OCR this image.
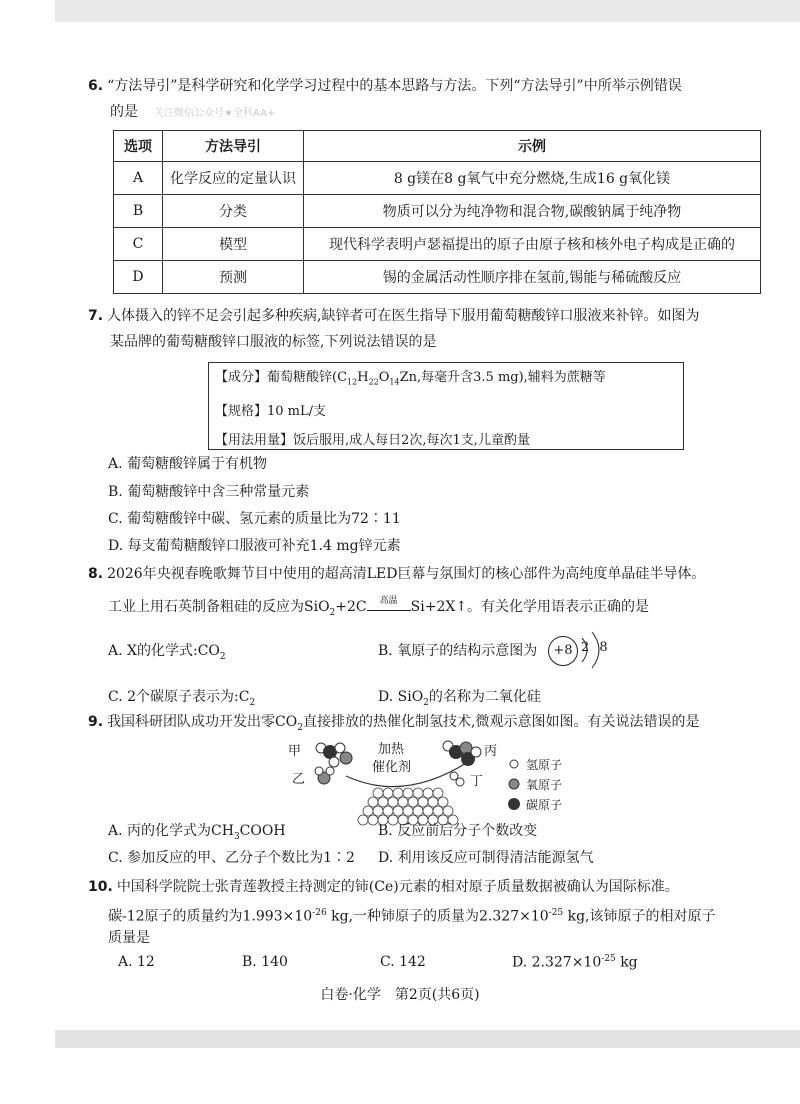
6. “方法导引”是科学研究和化学学习过程中的基本思路与方法。下列“方法导引”中所举示例错误
的是 关注微信公众号★全科AA+
选项	方法导引	示例
A	化学反应的定量认识	8 g镁在8 g氧气中充分燃烧,生成16 g氧化镁
B	分类	物质可以分为纯净物和混合物,碳酸钠属于纯净物
C	模型	现代科学表明卢瑟福提出的原子由原子核和核外电子构成是正确的
D	预测	锡的金属活动性顺序排在氢前,锡能与稀硫酸反应
7. 人体摄入的锌不足会引起多种疾病,缺锌者可在医生指导下服用葡萄糖酸锌口服液来补锌。如图为
某品牌的葡萄糖酸锌口服液的标签,下列说法错误的是
【成分】葡萄糖酸锌($C_{12}H_{22}O_{14}Zn$,每毫升含3.5 mg),辅料为蔗糖等
【规格】10 mL/支
【用法用量】饭后服用,成人每日2次,每次1支,儿童酌量
A. 葡萄糖酸锌属于有机物
B. 葡萄糖酸锌中含三种常量元素
C. 葡萄糖酸锌中碳、氢元素的质量比为72∶11
D. 每支葡萄糖酸锌口服液可补充1.4 mg锌元素
8. 2026年央视春晚歌舞节目中使用的超高清LED巨幕与氛围灯的核心部件为高纯度单晶硅半导体。
工业上用石英制备粗硅的反应为SiO$_2$+2C	高温 Si+2X↑。有关化学用语表示正确的是
A. X的化学式$:CO_2$	B. 氧原子的结构示意图为	+8 2 8
C. 2个碳原子表示为$:C_2$	D. SiO$_2$的名称为二氧化硅
9. 我国科研团队成功开发出零$CO_2$直接排放的热催化制氢技术,微观示意图如图。有关说法错误的是
甲
乙
丙
丁
加热
催化剂	氢原子
氧原子
碳原子
A. 丙的化学式为$CH_3COOH$	B. 反应前后分子个数改变
C. 参加反应的甲、乙分子个数比为1∶2 D. 利用该反应可制得清洁能源氢气
10. 中国科学院院士张青莲教授主持测定的铈(Ce)元素的相对原子质量数据被确认为国际标准。
碳-12原子的质量约为$1.993\times 10^{-26}$ kg,一种铈原子的质量为$2.327\times 10^{-25}$ kg,该铈原子的相对原子
质量是
A. 12	B. 140	C. 142	D. $2.327\times 10^{-25}$ kg
白卷·化学　第2页(共6页)
